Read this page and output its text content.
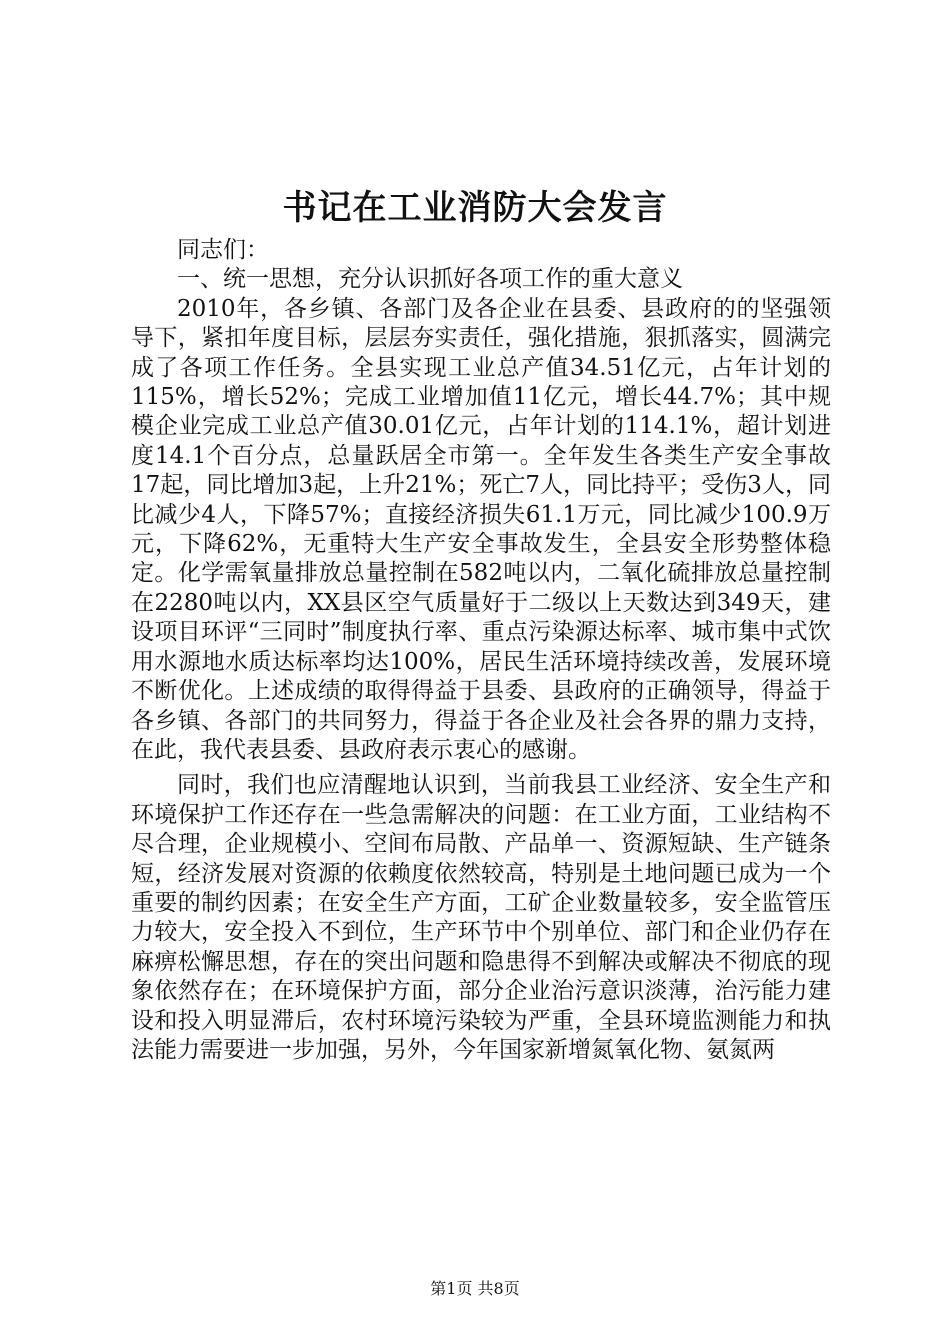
书记在工业消防大会发言

同志们：

一、统一思想，充分认识抓好各项工作的重大意义

2010年，各乡镇、各部门及各企业在县委、县政府的的坚强领导下，紧扣年度目标，层层夯实责任，强化措施，狠抓落实，圆满完成了各项工作任务。全县实现工业总产值34.51亿元，占年计划的115%，增长52%；完成工业增加值11亿元，增长44.7%；其中规模企业完成工业总产值30.01亿元，占年计划的114.1%，超计划进度14.1个百分点，总量跃居全市第一。全年发生各类生产安全事故17起，同比增加3起，上升21%；死亡7人，同比持平；受伤3人，同比减少4人，下降57%；直接经济损失61.1万元，同比减少100.9万元，下降62%，无重特大生产安全事故发生，全县安全形势整体稳定。化学需氧量排放总量控制在582吨以内，二氧化硫排放总量控制在2280吨以内，XX县区空气质量好于二级以上天数达到349天，建设项目环评“三同时”制度执行率、重点污染源达标率、城市集中式饮用水源地水质达标率均达100%，居民生活环境持续改善，发展环境不断优化。上述成绩的取得得益于县委、县政府的正确领导，得益于各乡镇、各部门的共同努力，得益于各企业及社会各界的鼎力支持，在此，我代表县委、县政府表示衷心的感谢。

同时，我们也应清醒地认识到，当前我县工业经济、安全生产和环境保护工作还存在一些急需解决的问题：在工业方面，工业结构不尽合理，企业规模小、空间布局散、产品单一、资源短缺、生产链条短，经济发展对资源的依赖度依然较高，特别是土地问题已成为一个重要的制约因素；在安全生产方面，工矿企业数量较多，安全监管压力较大，安全投入不到位，生产环节中个别单位、部门和企业仍存在麻痹松懈思想，存在的突出问题和隐患得不到解决或解决不彻底的现象依然存在；在环境保护方面，部分企业治污意识淡薄，治污能力建设和投入明显滞后，农村环境污染较为严重，全县环境监测能力和执法能力需要进一步加强，另外，今年国家新增氮氧化物、氨氮两

第1页 共8页
